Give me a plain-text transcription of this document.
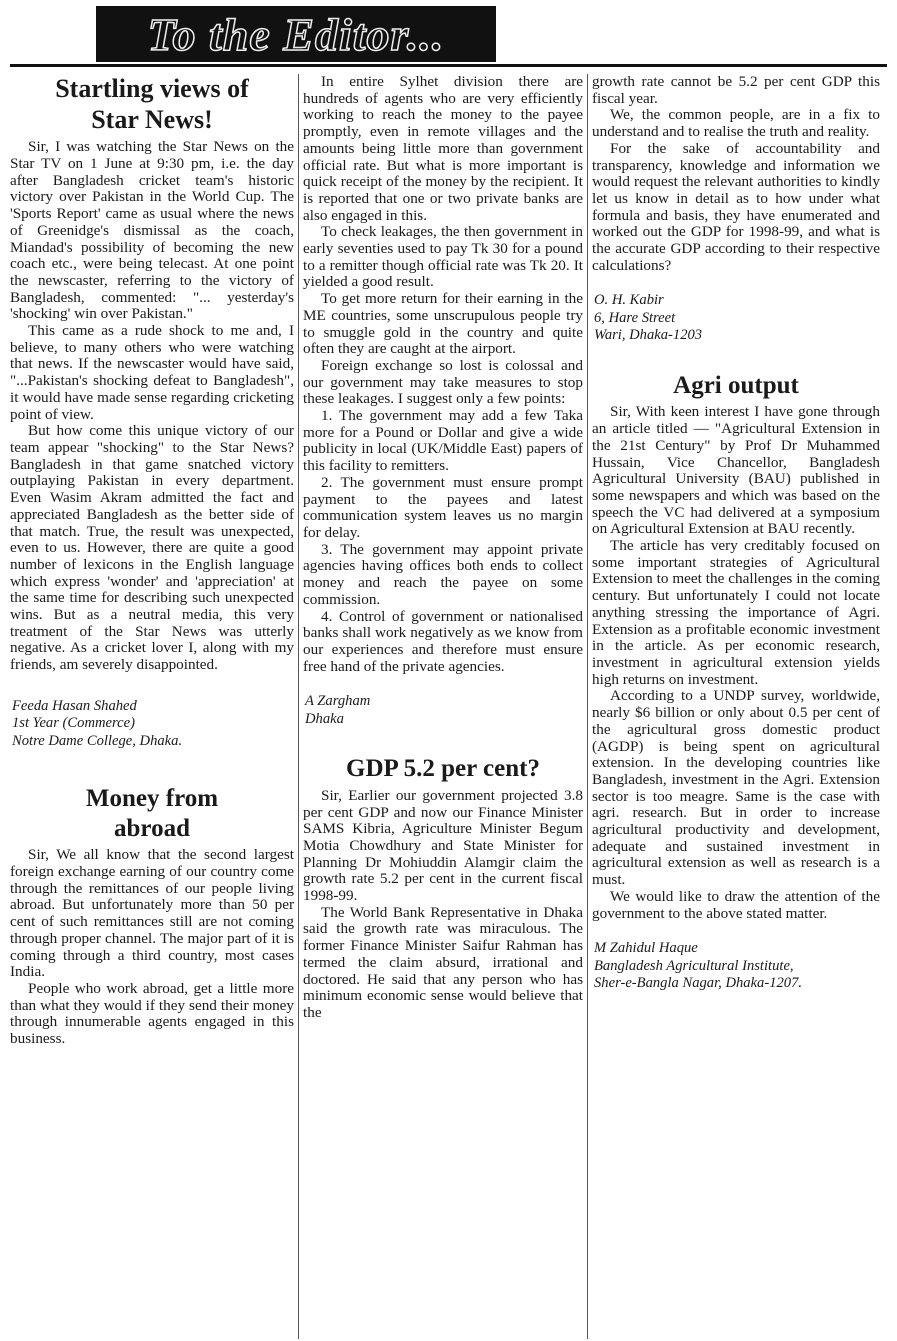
To the Editor...
Startling views of
Star News!

Sir, I was watching the Star News on the Star TV on 1 June at 9:30 pm, i.e. the day after Bangladesh cricket team's historic victory over Pakistan in the World Cup. The 'Sports Report' came as usual where the news of Greenidge's dismissal as the coach, Miandad's possibility of becoming the new coach etc., were being telecast. At one point the newscaster, referring to the victory of Bangladesh, commented: "... yesterday's 'shocking' win over Pakistan."

This came as a rude shock to me and, I believe, to many others who were watching that news. If the newscaster would have said, "...Pakistan's shocking defeat to Bangladesh", it would have made sense regarding cricketing point of view.

But how come this unique victory of our team appear "shocking" to the Star News? Bangladesh in that game snatched victory outplaying Pakistan in every department. Even Wasim Akram admitted the fact and appreciated Bangladesh as the better side of that match. True, the result was unexpected, even to us. However, there are quite a good number of lexicons in the English language which express 'wonder' and 'appreciation' at the same time for describing such unexpected wins. But as a neutral media, this very treatment of the Star News was utterly negative. As a cricket lover I, along with my friends, am severely disappointed.

Feeda Hasan Shahed
1st Year (Commerce)
Notre Dame College, Dhaka.
Money from
abroad

Sir, We all know that the second largest foreign exchange earning of our country come through the remittances of our people living abroad. But unfortunately more than 50 per cent of such remittances still are not coming through proper channel. The major part of it is coming through a third country, most cases India.

People who work abroad, get a little more than what they would if they send their money through innumerable agents engaged in this business.

In entire Sylhet division there are hundreds of agents who are very efficiently working to reach the money to the payee promptly, even in remote villages and the amounts being little more than government official rate. But what is more important is quick receipt of the money by the recipient. It is reported that one or two private banks are also engaged in this.

To check leakages, the then government in early seventies used to pay Tk 30 for a pound to a remitter though official rate was Tk 20. It yielded a good result.

To get more return for their earning in the ME countries, some unscrupulous people try to smuggle gold in the country and quite often they are caught at the airport.

Foreign exchange so lost is colossal and our government may take measures to stop these leakages. I suggest only a few points:

1. The government may add a few Taka more for a Pound or Dollar and give a wide publicity in local (UK/Middle East) papers of this facility to remitters.

2. The government must ensure prompt payment to the payees and latest communication system leaves us no margin for delay.

3. The government may appoint private agencies having offices both ends to collect money and reach the payee on some commission.

4. Control of government or nationalised banks shall work negatively as we know from our experiences and therefore must ensure free hand of the private agencies.

A Zargham
Dhaka
GDP 5.2 per cent?

Sir, Earlier our government projected 3.8 per cent GDP and now our Finance Minister SAMS Kibria, Agriculture Minister Begum Motia Chowdhury and State Minister for Planning Dr Mohiuddin Alamgir claim the growth rate 5.2 per cent in the current fiscal 1998-99.

The World Bank Representative in Dhaka said the growth rate was miraculous. The former Finance Minister Saifur Rahman has termed the claim absurd, irrational and doctored. He said that any person who has minimum economic sense would believe that the

growth rate cannot be 5.2 per cent GDP this fiscal year.

We, the common people, are in a fix to understand and to realise the truth and reality.

For the sake of accountability and transparency, knowledge and information we would request the relevant authorities to kindly let us know in detail as to how under what formula and basis, they have enumerated and worked out the GDP for 1998-99, and what is the accurate GDP according to their respective calculations?

O. H. Kabir
6, Hare Street
Wari, Dhaka-1203
Agri output

Sir, With keen interest I have gone through an article titled — "Agricultural Extension in the 21st Century" by Prof Dr Muhammed Hussain, Vice Chancellor, Bangladesh Agricultural University (BAU) published in some newspapers and which was based on the speech the VC had delivered at a symposium on Agricultural Extension at BAU recently.

The article has very creditably focused on some important strategies of Agricultural Extension to meet the challenges in the coming century. But unfortunately I could not locate anything stressing the importance of Agri. Extension as a profitable economic investment in the article. As per economic research, investment in agricultural extension yields high returns on investment.

According to a UNDP survey, worldwide, nearly $6 billion or only about 0.5 per cent of the agricultural gross domestic product (AGDP) is being spent on agricultural extension. In the developing countries like Bangladesh, investment in the Agri. Extension sector is too meagre. Same is the case with agri. research. But in order to increase agricultural productivity and development, adequate and sustained investment in agricultural extension as well as research is a must.

We would like to draw the attention of the government to the above stated matter.

M Zahidul Haque
Bangladesh Agricultural Institute,
Sher-e-Bangla Nagar, Dhaka-1207.
